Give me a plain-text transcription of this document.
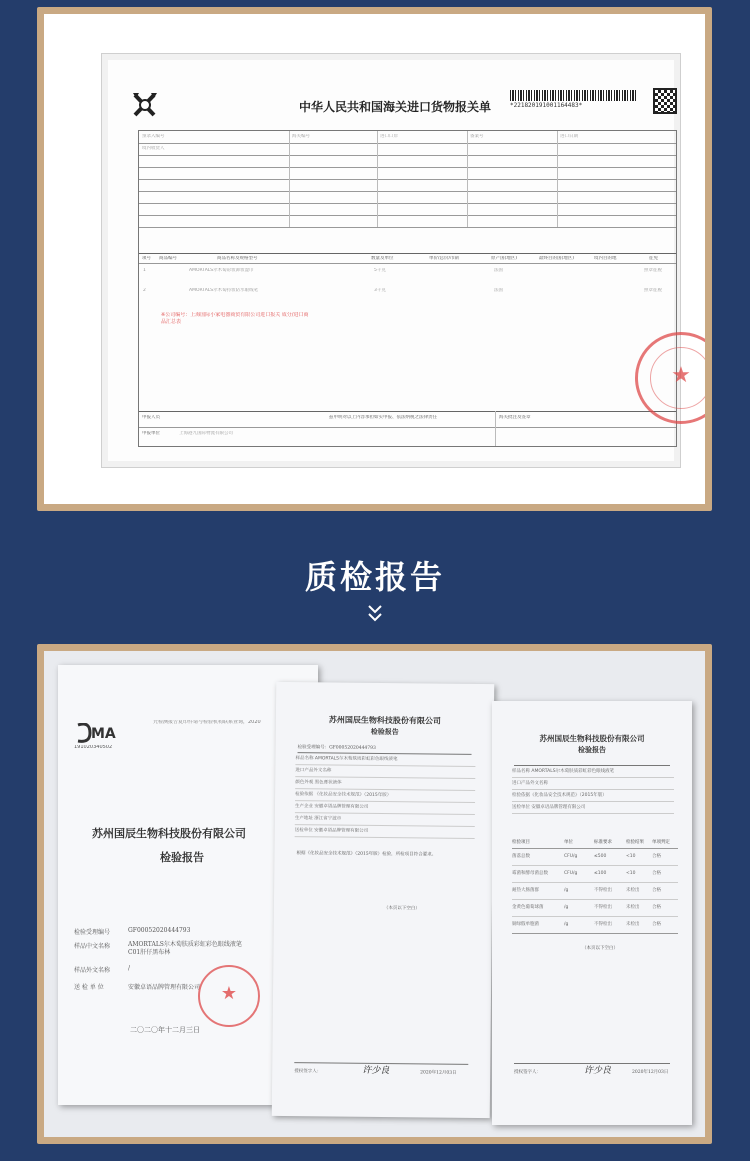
中华人民共和国海关进口货物报关单	*221820191001164483*
预录入编号	海关编号	进口口岸	备案号	进口日期
境内收货人
项号 商品编号	商品名称及规格型号	数量及单位	单价/总价/币制	原产国(地区)	最终目的国(地区)	境内目的地	征免
1	AMORTALS尔木萄彩妆卸妆湿巾	5千克	法国	照章征税
2	AMORTALS尔木萄持妆防水眼线笔	3千克	法国	照章征税
※公司编号：上海国际小家电器商贸有限公司进口报关 成分/进口商品汇总表
申报人员	兹申明对以上内容承担如实申报、依法纳税之法律责任	海关批注及签章
申报单位	上海港九国际物流有限公司
★
质检报告
MA
191020340502
凭检测报告复印件请与检验机构联系查询，2020
苏州国辰生物科技股份有限公司
检验报告
检验受理编号	GF00052020444793
样品中文名称	AMORTALS尔木萄肤质彩虹彩色眼线液笔 C01肝仔黑布林
样品外文名称	/
送 检 单 位	安徽卓语品牌管理有限公司
二〇二〇年十二月三日
★
苏州国辰生物科技股份有限公司
检验报告
检验受理编号：GF00052020444793
样品名称 AMORTALS尔木萄肤质彩虹彩色眼线液笔
进口产品外文名称
颜色外观 黑色膏状液体
检验依据 《化妆品安全技术规范》（2015年版）
生产企业 安徽卓语品牌管理有限公司
生产地址 浙江省宁波市
送检单位 安徽卓语品牌管理有限公司
根据《化妆品安全技术规范》（2015年版）检验，所检项目符合要求。
（本页以下空白）
授权签字人：	许少良	2020年12月03日
苏州国辰生物科技股份有限公司
检验报告
样品名称 AMORTALS尔木萄肤质彩虹彩色眼线液笔
进口产品外文名称
检验依据《化妆品安全技术规范》（2015年版）
送检单位 安徽卓语品牌管理有限公司
检验项目	单位	标准要求	检验结果	单项判定
菌落总数	CFU/g	≤500	<10	合格
霉菌和酵母菌总数	CFU/g	≤100	<10	合格
耐热大肠菌群	/g	不得检出	未检出	合格
金黄色葡萄球菌	/g	不得检出	未检出	合格
铜绿假单胞菌	/g	不得检出	未检出	合格
（本页以下空白）
授权签字人：	许少良	2020年12月03日
